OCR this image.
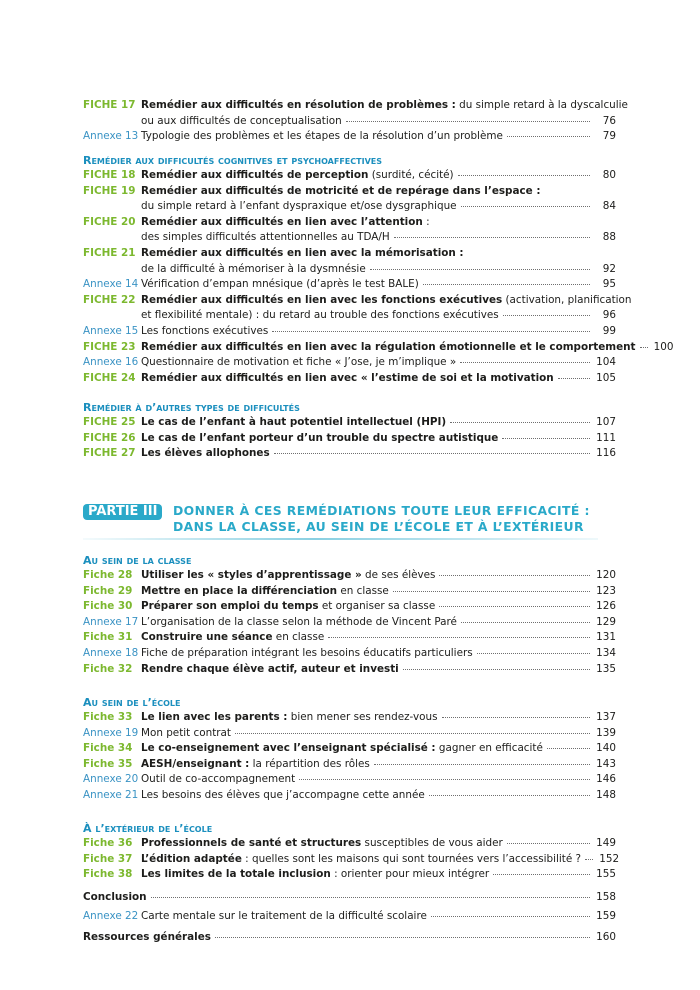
FICHE 17 Remédier aux difficultés en résolution de problèmes : du simple retard à la dyscalculie
ou aux difficultés de conceptualisation	76
Annexe 13 Typologie des problèmes et les étapes de la résolution d’un problème	79
Remédier aux difficultés cognitives et psychoaffectives
FICHE 18 Remédier aux difficultés de perception (surdité, cécité)	80
FICHE 19 Remédier aux difficultés de motricité et de repérage dans l’espace :
du simple retard à l’enfant dyspraxique et/ose dysgraphique	84
FICHE 20 Remédier aux difficultés en lien avec l’attention :
des simples difficultés attentionnelles au TDA/H	88
FICHE 21 Remédier aux difficultés en lien avec la mémorisation :
de la difficulté à mémoriser à la dysmnésie	92
Annexe 14 Vérification d’empan mnésique (d’après le test BALE)	95
FICHE 22 Remédier aux difficultés en lien avec les fonctions exécutives (activation, planification
et flexibilité mentale) : du retard au trouble des fonctions exécutives	96
Annexe 15 Les fonctions exécutives	99
FICHE 23 Remédier aux difficultés en lien avec la régulation émotionnelle et le comportement 100
Annexe 16 Questionnaire de motivation et fiche « J’ose, je m’implique »	104
FICHE 24 Remédier aux difficultés en lien avec « l’estime de soi et la motivation	105
Remédier à d’autres types de difficultés
FICHE 25 Le cas de l’enfant à haut potentiel intellectuel (HPI)	107
FICHE 26 Le cas de l’enfant porteur d’un trouble du spectre autistique	111
FICHE 27 Les élèves allophones	116
PARTIE III	DONNER À CES REMÉDIATIONS TOUTE LEUR EFFICACITÉ :
DANS LA CLASSE, AU SEIN DE L’ÉCOLE ET À L’EXTÉRIEUR
Au sein de la classe
Fiche 28 Utiliser les « styles d’apprentissage » de ses élèves	120
Fiche 29 Mettre en place la différenciation en classe	123
Fiche 30 Préparer son emploi du temps et organiser sa classe	126
Annexe 17 L’organisation de la classe selon la méthode de Vincent Paré	129
Fiche 31 Construire une séance en classe	131
Annexe 18 Fiche de préparation intégrant les besoins éducatifs particuliers	134
Fiche 32 Rendre chaque élève actif, auteur et investi	135
Au sein de l’école
Fiche 33 Le lien avec les parents : bien mener ses rendez-vous	137
Annexe 19 Mon petit contrat	139
Fiche 34 Le co-enseignement avec l’enseignant spécialisé : gagner en efficacité	140
Fiche 35 AESH/enseignant : la répartition des rôles	143
Annexe 20 Outil de co-accompagnement	146
Annexe 21 Les besoins des élèves que j’accompagne cette année	148
À l’extérieur de l’école
Fiche 36 Professionnels de santé et structures susceptibles de vous aider	149
Fiche 37 L’édition adaptée : quelles sont les maisons qui sont tournées vers l’accessibilité ? 152
Fiche 38 Les limites de la totale inclusion : orienter pour mieux intégrer	155
Conclusion	158
Annexe 22 Carte mentale sur le traitement de la difficulté scolaire	159
Ressources générales	160
